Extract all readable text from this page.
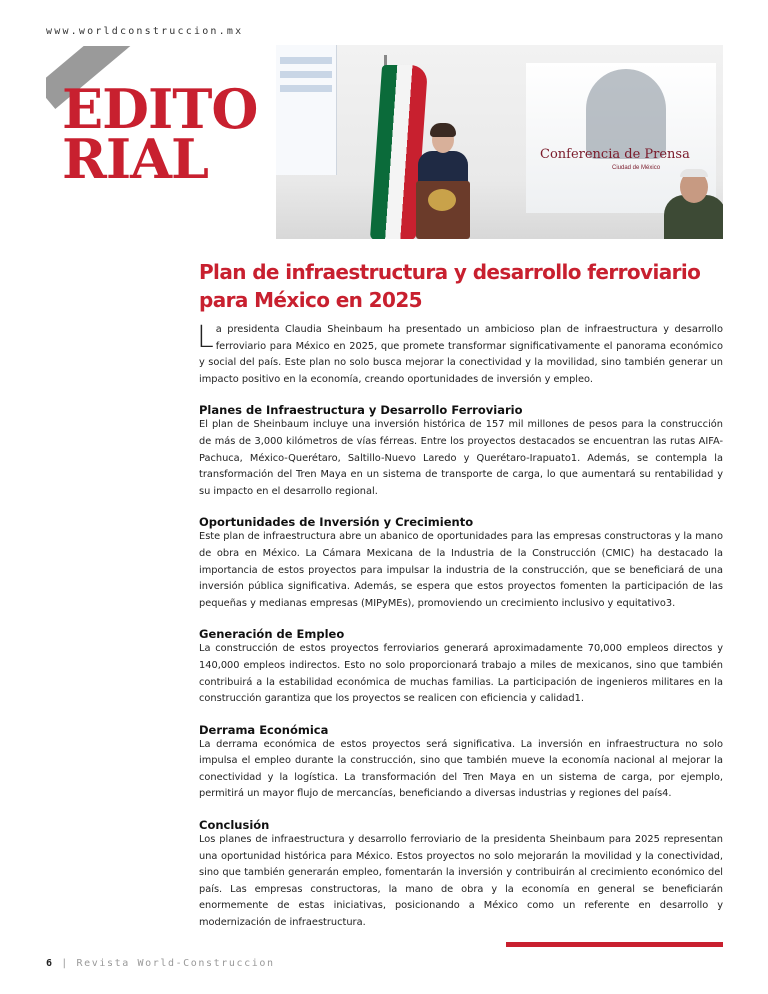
www.worldconstruccion.mx
EDITO
RIAL	Conferencia de Prensa
Ciudad de México
Plan de infraestructura y desarrollo ferroviario para México en 2025

La presidenta Claudia Sheinbaum ha presentado un ambicioso plan de infraestructura y desarrollo ferroviario para México en 2025, que promete transformar significativamente el panorama económico y social del país. Este plan no solo busca mejorar la conectividad y la movilidad, sino también generar un impacto positivo en la economía, creando oportunidades de inversión y empleo.

Planes de Infraestructura y Desarrollo Ferroviario

El plan de Sheinbaum incluye una inversión histórica de 157 mil millones de pesos para la construcción de más de 3,000 kilómetros de vías férreas. Entre los proyectos destacados se encuentran las rutas AIFA-Pachuca, México-Querétaro, Saltillo-Nuevo Laredo y Querétaro-Irapuato1. Además, se contempla la transformación del Tren Maya en un sistema de transporte de carga, lo que aumentará su rentabilidad y su impacto en el desarrollo regional.

Oportunidades de Inversión y Crecimiento

Este plan de infraestructura abre un abanico de oportunidades para las empresas constructoras y la mano de obra en México. La Cámara Mexicana de la Industria de la Construcción (CMIC) ha destacado la importancia de estos proyectos para impulsar la industria de la construcción, que se beneficiará de una inversión pública significativa. Además, se espera que estos proyectos fomenten la participación de las pequeñas y medianas empresas (MIPyMEs), promoviendo un crecimiento inclusivo y equitativo3.

Generación de Empleo

La construcción de estos proyectos ferroviarios generará aproximadamente 70,000 empleos directos y 140,000 empleos indirectos. Esto no solo proporcionará trabajo a miles de mexicanos, sino que también contribuirá a la estabilidad económica de muchas familias. La participación de ingenieros militares en la construcción garantiza que los proyectos se realicen con eficiencia y calidad1.

Derrama Económica

La derrama económica de estos proyectos será significativa. La inversión en infraestructura no solo impulsa el empleo durante la construcción, sino que también mueve la economía nacional al mejorar la conectividad y la logística. La transformación del Tren Maya en un sistema de carga, por ejemplo, permitirá un mayor flujo de mercancías, beneficiando a diversas industrias y regiones del país4.

Conclusión

Los planes de infraestructura y desarrollo ferroviario de la presidenta Sheinbaum para 2025 representan una oportunidad histórica para México. Estos proyectos no solo mejorarán la movilidad y la conectividad, sino que también generarán empleo, fomentarán la inversión y contribuirán al crecimiento económico del país. Las empresas constructoras, la mano de obra y la economía en general se beneficiarán enormemente de estas iniciativas, posicionando a México como un referente en desarrollo y modernización de infraestructura.

6 | Revista World-Construccion
